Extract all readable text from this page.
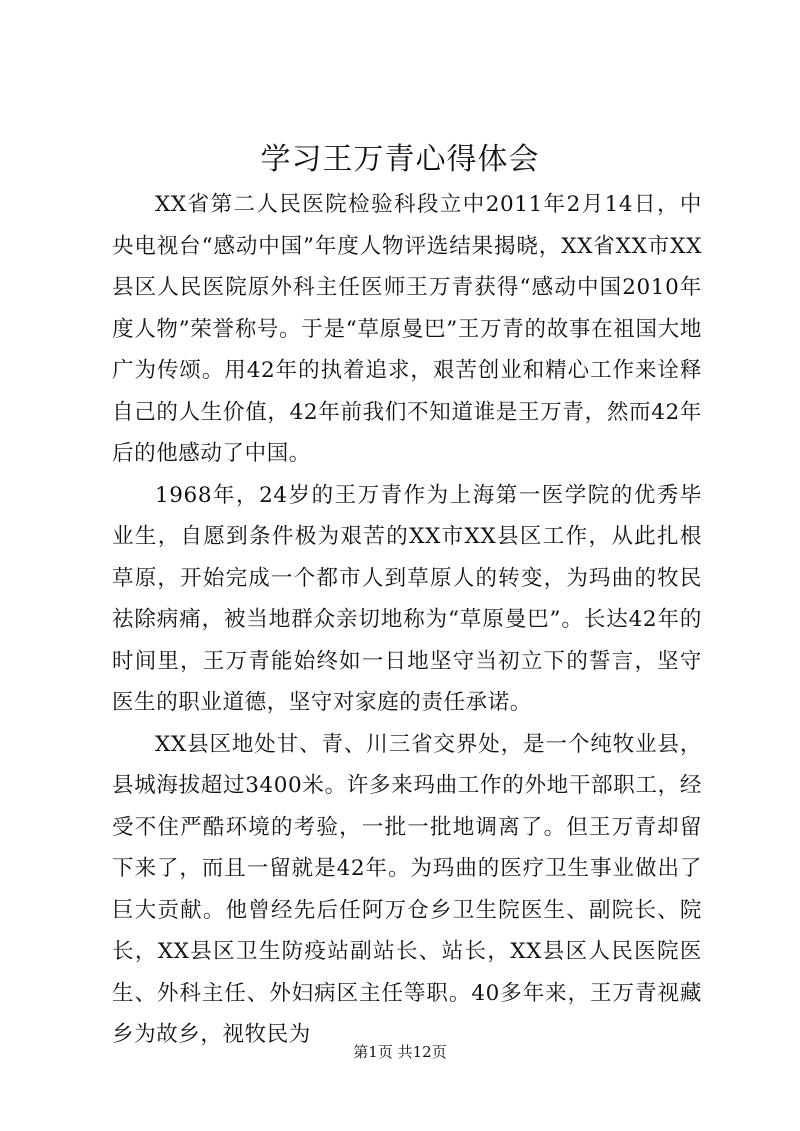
学习王万青心得体会

XX省第二人民医院检验科段立中2011年2月14日，中央电视台“感动中国”年度人物评选结果揭晓，XX省XX市XX县区人民医院原外科主任医师王万青获得“感动中国2010年度人物”荣誉称号。于是“草原曼巴”王万青的故事在祖国大地广为传颂。用42年的执着追求，艰苦创业和精心工作来诠释自己的人生价值，42年前我们不知道谁是王万青，然而42年后的他感动了中国。

1968年，24岁的王万青作为上海第一医学院的优秀毕业生，自愿到条件极为艰苦的XX市XX县区工作，从此扎根草原，开始完成一个都市人到草原人的转变，为玛曲的牧民祛除病痛，被当地群众亲切地称为“草原曼巴”。长达42年的时间里，王万青能始终如一日地坚守当初立下的誓言，坚守医生的职业道德，坚守对家庭的责任承诺。

XX县区地处甘、青、川三省交界处，是一个纯牧业县，县城海拔超过3400米。许多来玛曲工作的外地干部职工，经受不住严酷环境的考验，一批一批地调离了。但王万青却留下来了，而且一留就是42年。为玛曲的医疗卫生事业做出了巨大贡献。他曾经先后任阿万仓乡卫生院医生、副院长、院长，XX县区卫生防疫站副站长、站长，XX县区人民医院医生、外科主任、外妇病区主任等职。40多年来，王万青视藏乡为故乡，视牧民为

第1页 共12页
